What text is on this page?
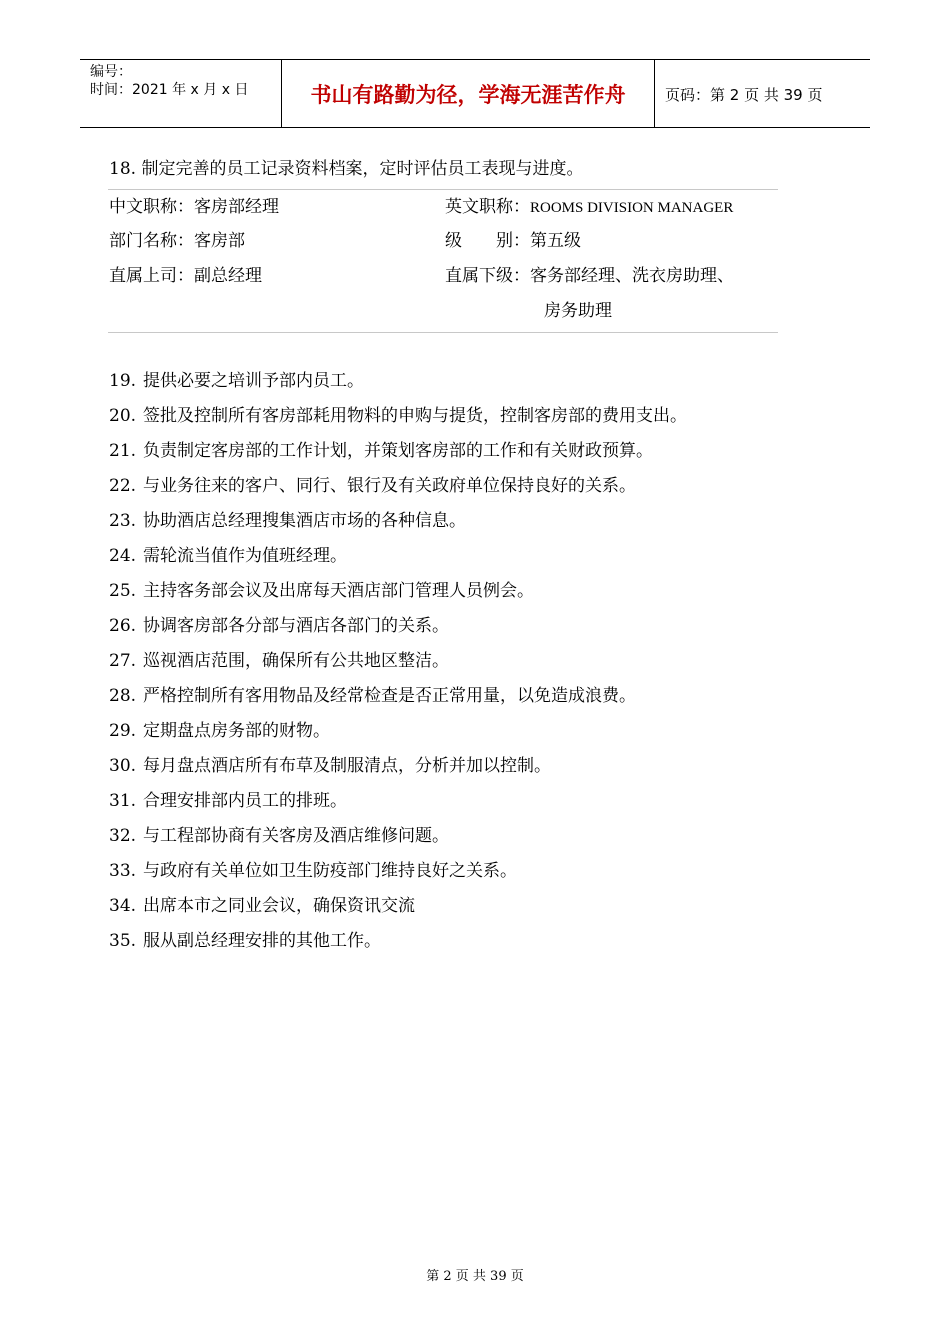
编号：
时间：2021 年 x 月 x 日	书山有路勤为径，学海无涯苦作舟	页码：第 2 页 共 39 页
18. 制定完善的员工记录资料档案，定时评估员工表现与进度。
中文职称：客房部经理	英文职称：ROOMS DIVISION MANAGER
部门名称：客房部	级　　别：第五级
直属上司：副总经理	直属下级：客务部经理、洗衣房助理、
房务助理
19. 提供必要之培训予部内员工。
20. 签批及控制所有客房部耗用物料的申购与提货，控制客房部的费用支出。
21. 负责制定客房部的工作计划，并策划客房部的工作和有关财政预算。
22. 与业务往来的客户、同行、银行及有关政府单位保持良好的关系。
23. 协助酒店总经理搜集酒店市场的各种信息。
24. 需轮流当值作为值班经理。
25. 主持客务部会议及出席每天酒店部门管理人员例会。
26. 协调客房部各分部与酒店各部门的关系。
27. 巡视酒店范围，确保所有公共地区整洁。
28. 严格控制所有客用物品及经常检查是否正常用量，以免造成浪费。
29. 定期盘点房务部的财物。
30. 每月盘点酒店所有布草及制服清点，分析并加以控制。
31. 合理安排部内员工的排班。
32. 与工程部协商有关客房及酒店维修问题。
33. 与政府有关单位如卫生防疫部门维持良好之关系。
34. 出席本市之同业会议，确保资讯交流
35. 服从副总经理安排的其他工作。
第 2 页 共 39 页
